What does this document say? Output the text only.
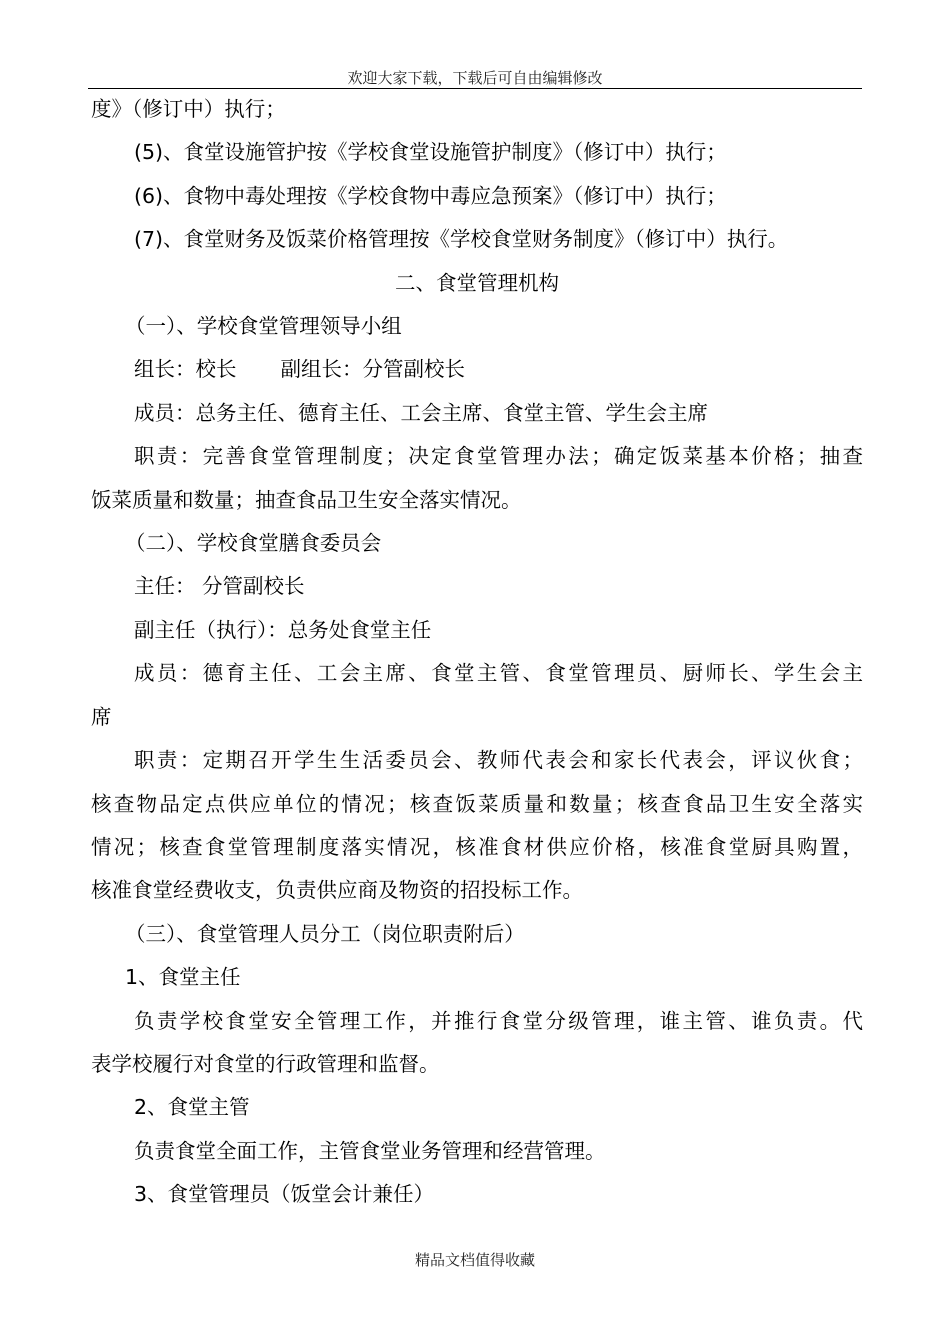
欢迎大家下载，下载后可自由编辑修改
度》（修订中）执行；
(5)、食堂设施管护按《学校食堂设施管护制度》（修订中）执行；
(6)、食物中毒处理按《学校食物中毒应急预案》（修订中）执行；
(7)、食堂财务及饭菜价格管理按《学校食堂财务制度》（修订中）执行。
二、食堂管理机构
（一）、学校食堂管理领导小组
组长：校长 副组长：分管副校长
成员：总务主任、德育主任、工会主席、食堂主管、学生会主席
职责：完善食堂管理制度；决定食堂管理办法；确定饭菜基本价格；抽查
饭菜质量和数量；抽查食品卫生安全落实情况。
（二）、学校食堂膳食委员会
主任： 分管副校长
副主任（执行）：总务处食堂主任
成员：德育主任、工会主席、食堂主管、食堂管理员、厨师长、学生会主
席
职责：定期召开学生生活委员会、教师代表会和家长代表会，评议伙食；
核查物品定点供应单位的情况；核查饭菜质量和数量；核查食品卫生安全落实
情况；核查食堂管理制度落实情况，核准食材供应价格，核准食堂厨具购置，
核准食堂经费收支，负责供应商及物资的招投标工作。
（三）、食堂管理人员分工（岗位职责附后）
1、食堂主任
负责学校食堂安全管理工作，并推行食堂分级管理，谁主管、谁负责。代
表学校履行对食堂的行政管理和监督。
2、食堂主管
负责食堂全面工作，主管食堂业务管理和经营管理。
3、食堂管理员（饭堂会计兼任）
精品文档值得收藏
